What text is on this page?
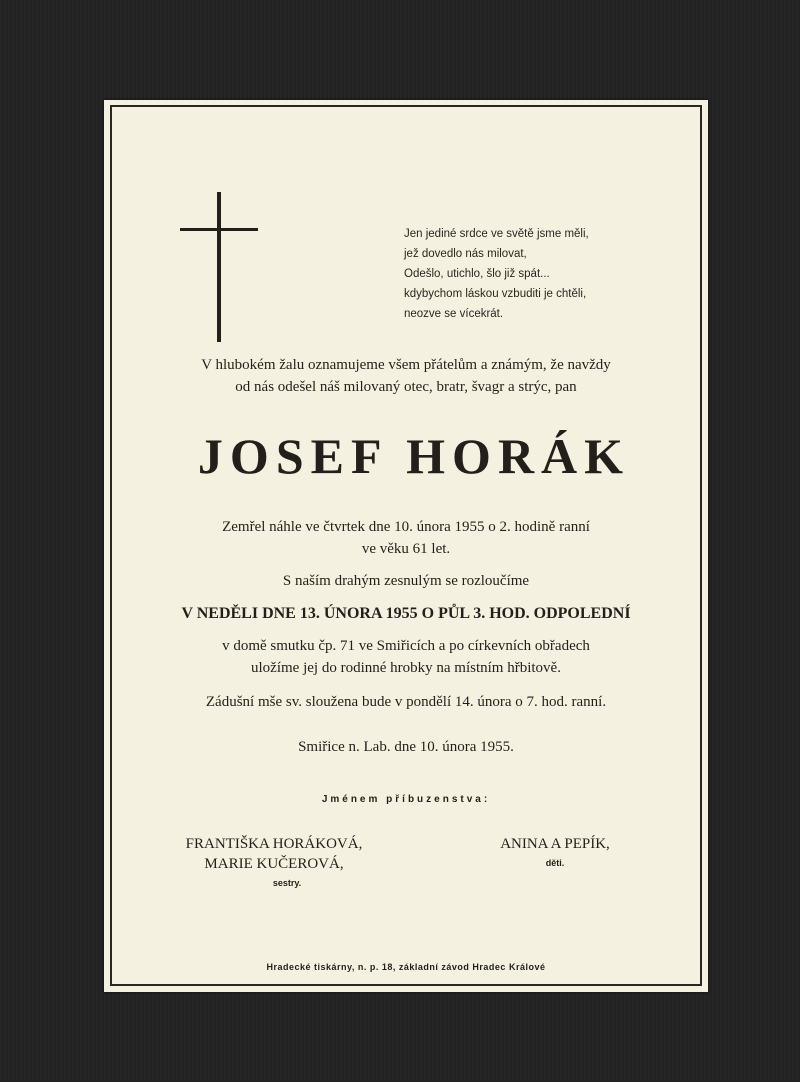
Jen jediné srdce ve světě jsme měli,
jež dovedlo nás milovat,
Odešlo, utichlo, šlo již spát...
kdybychom láskou vzbuditi je chtěli,
neozve se vícekrát.
V hlubokém žalu oznamujeme všem přátelům a známým, že navždy
od nás odešel náš milovaný otec, bratr, švagr a strýc, pan
JOSEF HORÁK
Zemřel náhle ve čtvrtek dne 10. února 1955 o 2. hodině ranní
ve věku 61 let.
S naším drahým zesnulým se rozloučíme
V NEDĚLI DNE 13. ÚNORA 1955 O PŮL 3. HOD. ODPOLEDNÍ
v domě smutku čp. 71 ve Smiřicích a po církevních obřadech
uložíme jej do rodinné hrobky na místním hřbitově.
Zádušní mše sv. sloužena bude v pondělí 14. února o 7. hod. ranní.
Smiřice n. Lab. dne 10. února 1955.
Jménem příbuzenstva:
FRANTIŠKA HORÁKOVÁ,
MARIE KUČEROVÁ,
sestry.
ANINA A PEPÍK,
děti.
Hradecké tiskárny, n. p. 18, základní závod Hradec Králové
